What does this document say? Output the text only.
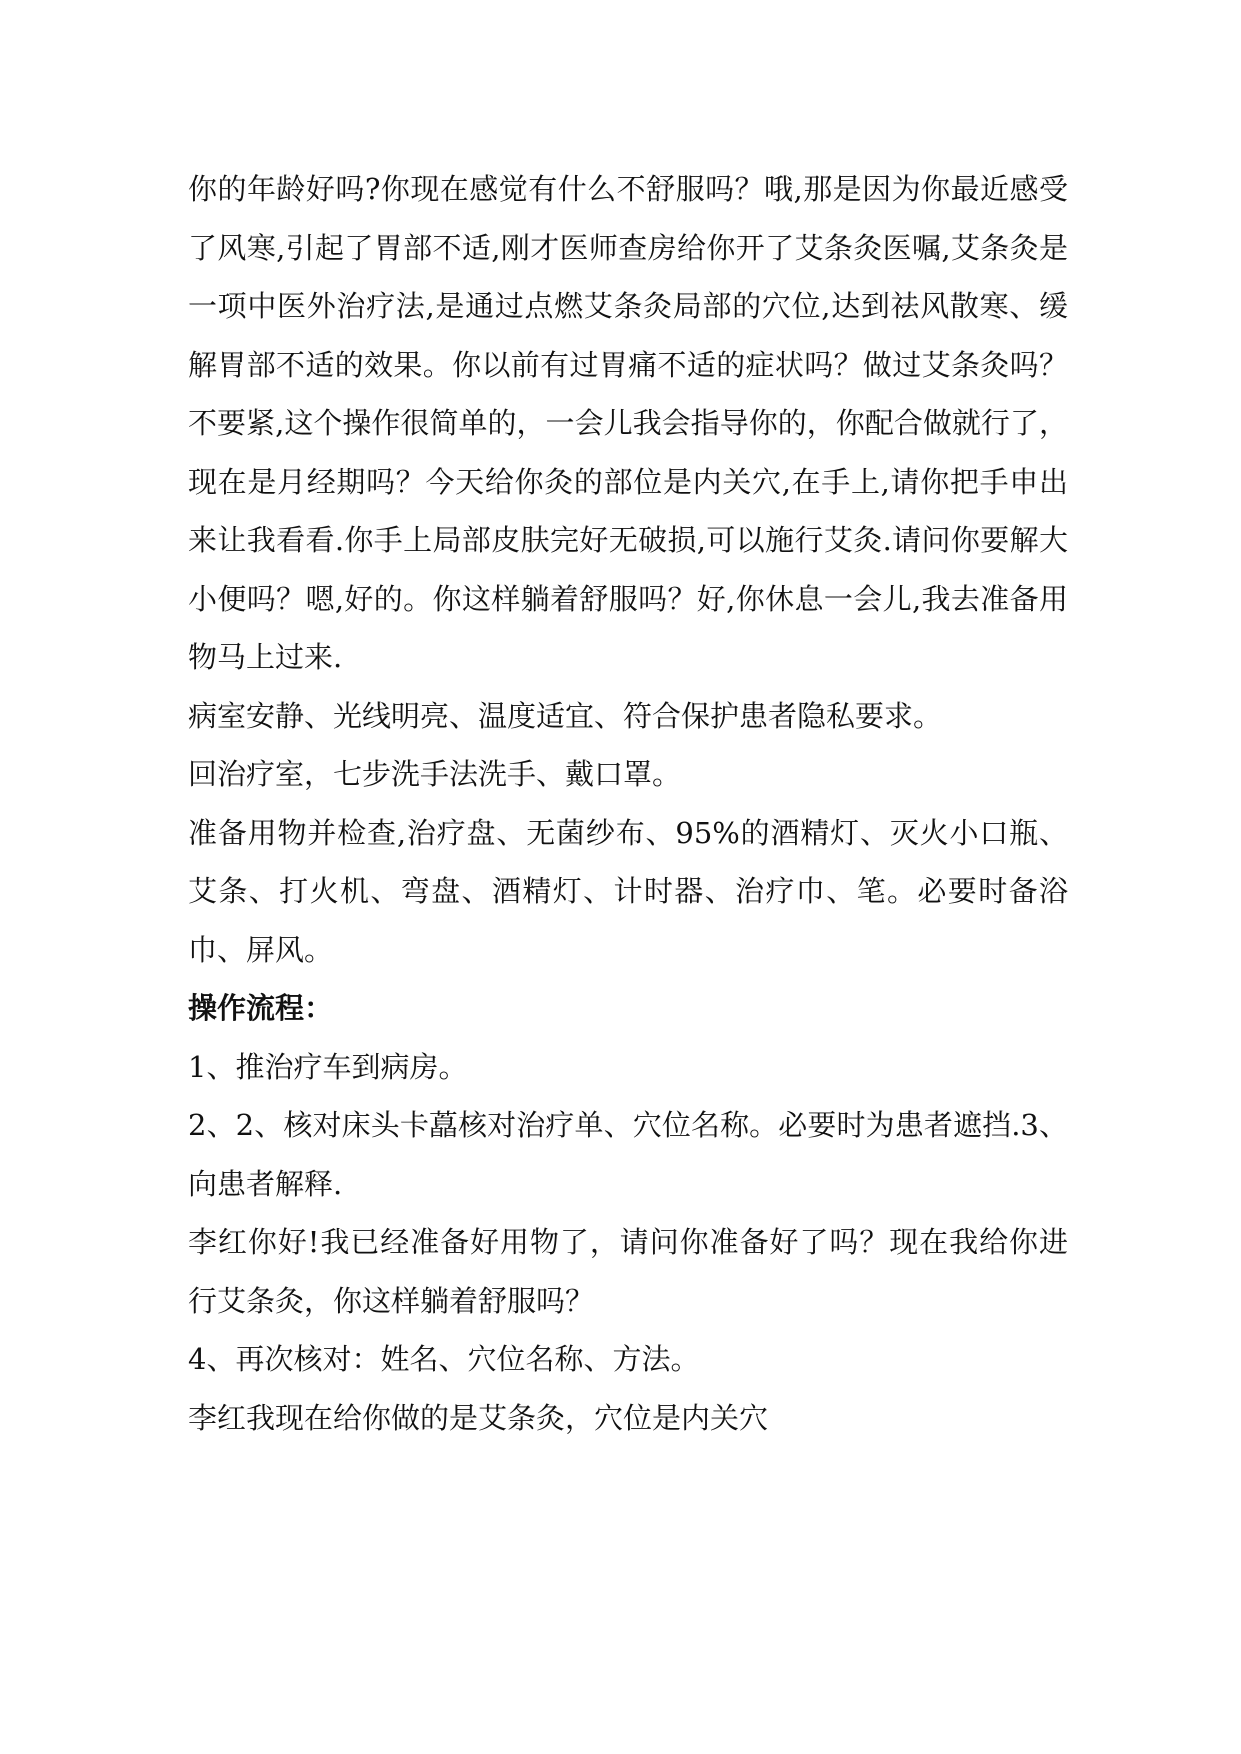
你的年龄好吗?你现在感觉有什么不舒服吗？哦,那是因为你最近感受了风寒,引起了胃部不适,刚才医师查房给你开了艾条灸医嘱,艾条灸是一项中医外治疗法,是通过点燃艾条灸局部的穴位,达到祛风散寒、缓解胃部不适的效果。你以前有过胃痛不适的症状吗？做过艾条灸吗？不要紧,这个操作很简单的，一会儿我会指导你的，你配合做就行了，现在是月经期吗？今天给你灸的部位是内关穴,在手上,请你把手申出来让我看看.你手上局部皮肤完好无破损,可以施行艾灸.请问你要解大小便吗？嗯,好的。你这样躺着舒服吗？好,你休息一会儿,我去准备用物马上过来.

病室安静、光线明亮、温度适宜、符合保护患者隐私要求。

回治疗室，七步洗手法洗手、戴口罩。

准备用物并检查,治疗盘、无菌纱布、95%的酒精灯、灭火小口瓶、艾条、打火机、弯盘、酒精灯、计时器、治疗巾、笔。必要时备浴巾、屏风。

操作流程：

1、推治疗车到病房。

2、2、核对床头卡藠核对治疗单、穴位名称。必要时为患者遮挡.3、向患者解释.

李红你好!我已经准备好用物了，请问你准备好了吗？现在我给你进行艾条灸，你这样躺着舒服吗？

4、再次核对：姓名、穴位名称、方法。

李红我现在给你做的是艾条灸，穴位是内关穴
